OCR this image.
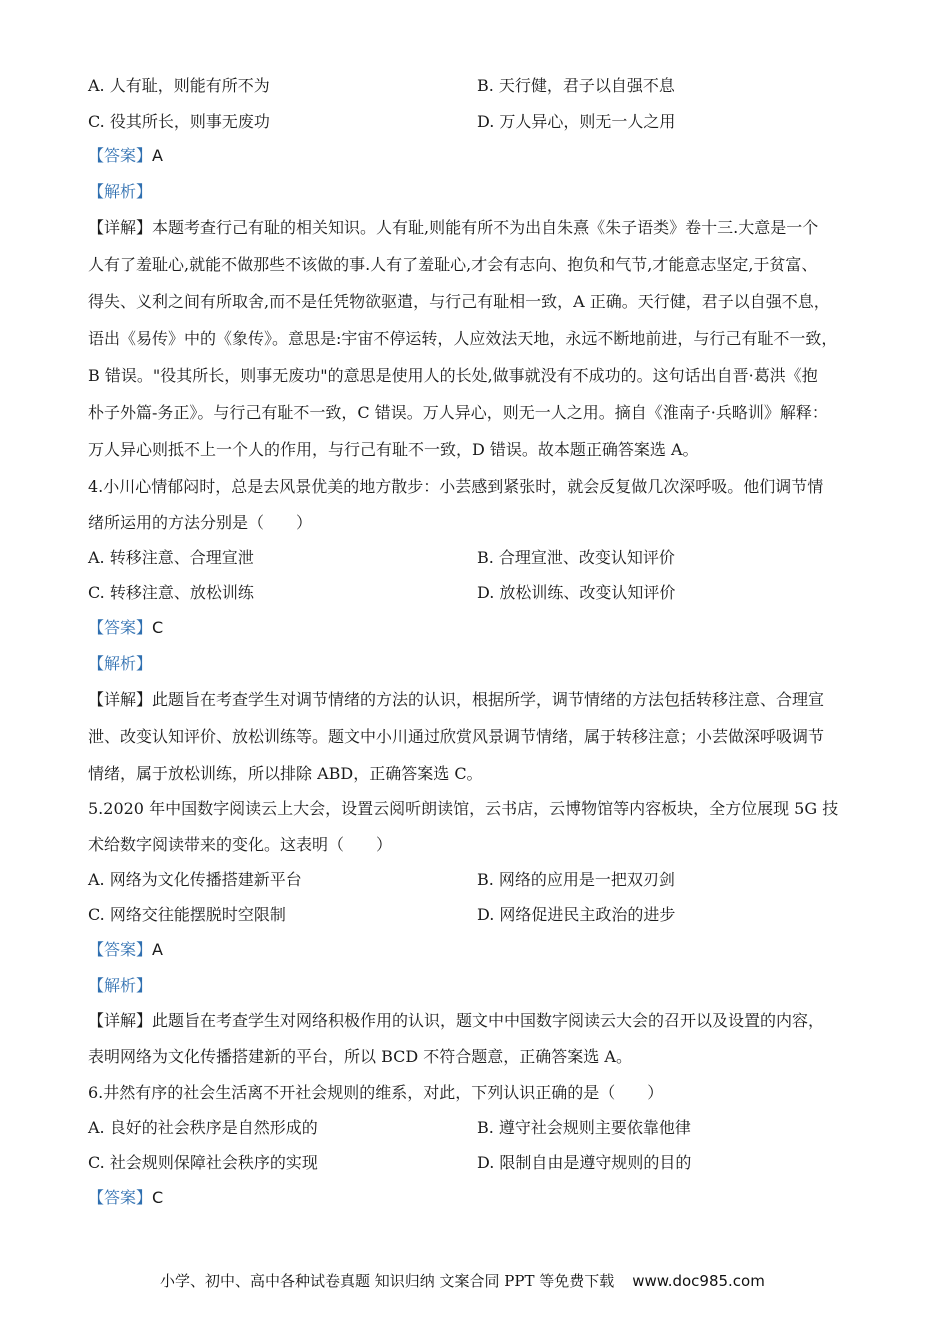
A. 人有耻，则能有所不为	B. 天行健，君子以自强不息
C. 役其所长，则事无废功	D. 万人异心，则无一人之用
【答案】A
【解析】
【详解】本题考查行己有耻的相关知识。人有耻,则能有所不为出自朱熹《朱子语类》卷十三.大意是一个
人有了羞耻心,就能不做那些不该做的事.人有了羞耻心,才会有志向、抱负和气节,才能意志坚定,于贫富、
得失、义利之间有所取舍,而不是任凭物欲驱遣，与行己有耻相一致，A 正确。天行健，君子以自强不息，
语出《易传》中的《象传》。意思是:宇宙不停运转，人应效法天地，永远不断地前进，与行己有耻不一致，
B 错误。"役其所长，则事无废功"的意思是使用人的长处,做事就没有不成功的。这句话出自晋·葛洪《抱
朴子外篇-务正》。与行己有耻不一致，C 错误。万人异心，则无一人之用。摘自《淮南子·兵略训》解释：
万人异心则抵不上一个人的作用，与行己有耻不一致，D 错误。故本题正确答案选 A。
4.小川心情郁闷时，总是去风景优美的地方散步：小芸感到紧张时，就会反复做几次深呼吸。他们调节情
绪所运用的方法分别是（　　）
A. 转移注意、合理宣泄	B. 合理宣泄、改变认知评价
C. 转移注意、放松训练	D. 放松训练、改变认知评价
【答案】C
【解析】
【详解】此题旨在考查学生对调节情绪的方法的认识，根据所学，调节情绪的方法包括转移注意、合理宣
泄、改变认知评价、放松训练等。题文中小川通过欣赏风景调节情绪，属于转移注意；小芸做深呼吸调节
情绪，属于放松训练，所以排除 ABD，正确答案选 C。
5.2020 年中国数字阅读云上大会，设置云阅听朗读馆，云书店，云博物馆等内容板块，全方位展现 5G 技
术给数字阅读带来的变化。这表明（　　）
A. 网络为文化传播搭建新平台	B. 网络的应用是一把双刃剑
C. 网络交往能摆脱时空限制	D. 网络促进民主政治的进步
【答案】A
【解析】
【详解】此题旨在考查学生对网络积极作用的认识，题文中中国数字阅读云大会的召开以及设置的内容，
表明网络为文化传播搭建新的平台，所以 BCD 不符合题意，正确答案选 A。
6.井然有序的社会生活离不开社会规则的维系，对此，下列认识正确的是（　　）
A. 良好的社会秩序是自然形成的	B. 遵守社会规则主要依靠他律
C. 社会规则保障社会秩序的实现	D. 限制自由是遵守规则的目的
【答案】C
小学、初中、高中各种试卷真题 知识归纳 文案合同 PPT 等免费下载 www.doc985.com
